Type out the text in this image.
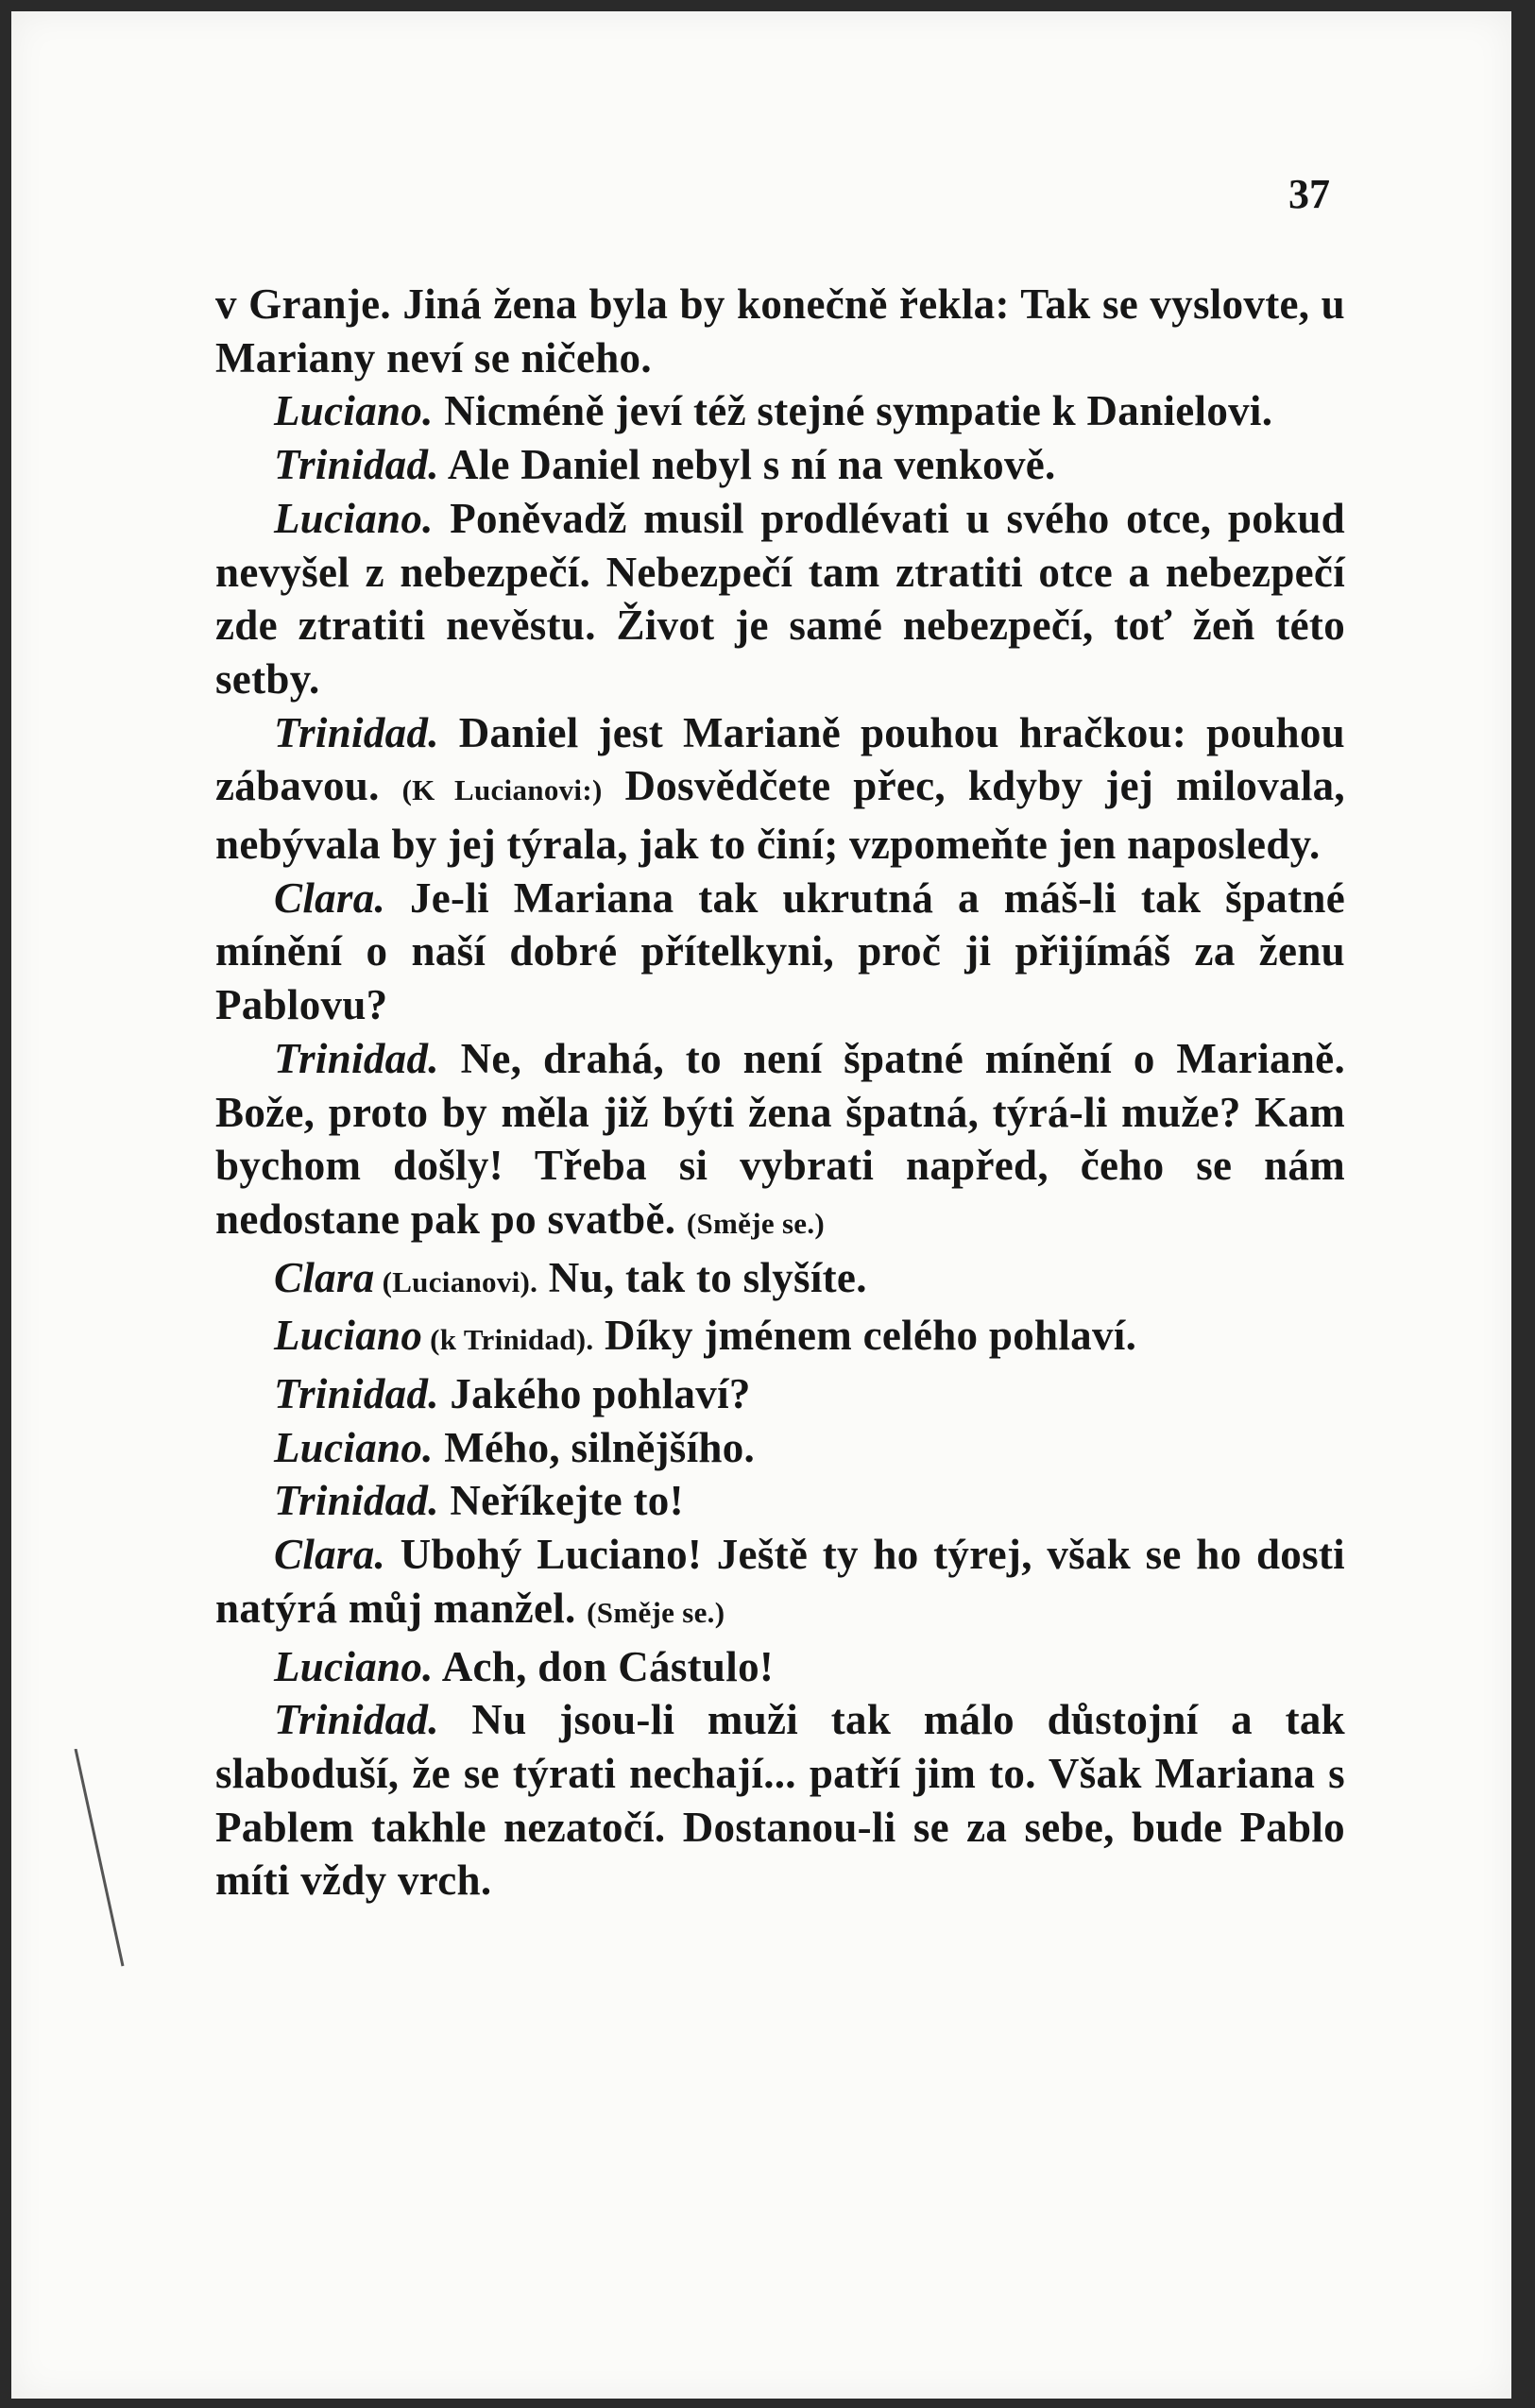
37

v Granje. Jiná žena byla by konečně řekla: Tak se vyslovte, u Mariany neví se ničeho.

Luciano. Nicméně jeví též stejné sympatie k Danielovi.

Trinidad. Ale Daniel nebyl s ní na venkově.

Luciano. Poněvadž musil prodlévati u svého otce, pokud nevyšel z nebezpečí. Nebezpečí tam ztratiti otce a nebezpečí zde ztratiti nevěstu. Život je samé nebezpečí, toť žeň této setby.

Trinidad. Daniel jest Marianě pouhou hračkou: pouhou zábavou. (K Lucianovi:) Dosvědčete přec, kdyby jej milovala, nebývala by jej týrala, jak to činí; vzpomeňte jen naposledy.

Clara. Je-li Mariana tak ukrutná a máš-li tak špatné mínění o naší dobré přítelkyni, proč ji přijímáš za ženu Pablovu?

Trinidad. Ne, drahá, to není špatné mínění o Marianě. Bože, proto by měla již býti žena špatná, týrá-li muže? Kam bychom došly! Třeba si vybrati napřed, čeho se nám nedostane pak po svatbě. (Směje se.)

Clara (Lucianovi). Nu, tak to slyšíte.

Luciano (k Trinidad). Díky jménem celého pohlaví.

Trinidad. Jakého pohlaví?

Luciano. Mého, silnějšího.

Trinidad. Neříkejte to!

Clara. Ubohý Luciano! Ještě ty ho týrej, však se ho dosti natýrá můj manžel. (Směje se.)

Luciano. Ach, don Cástulo!

Trinidad. Nu jsou-li muži tak málo důstojní a tak slaboduší, že se týrati nechají... patří jim to. Však Mariana s Pablem takhle nezatočí. Dostanou-li se za sebe, bude Pablo míti vždy vrch.
